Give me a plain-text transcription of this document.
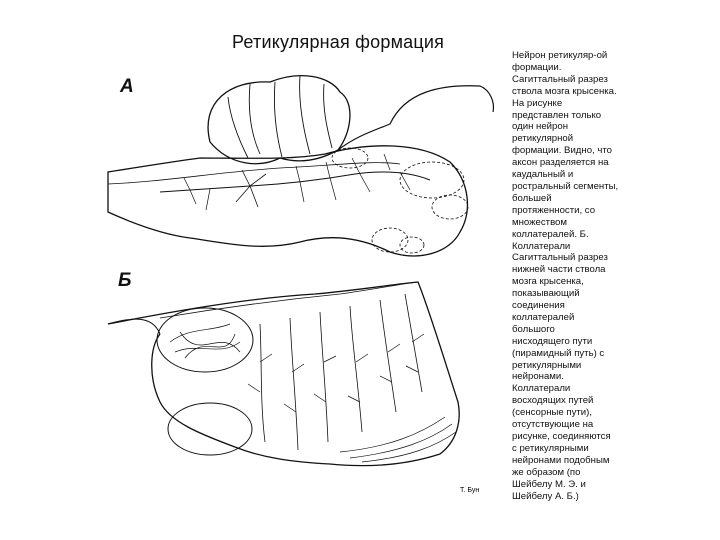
Ретикулярная формация
А
Б
Т. Бун
Нейрон ретикуляр-ой
формации.
Сагиттальный разрез
ствола мозга крысенка.
На рисунке
представлен только
один нейрон
ретикулярной
формации. Видно, что
аксон разделяется на
каудальный и
ростральный сегменты,
большей
протяженности, со
множеством
коллатералей. Б.
Коллатерали
Сагиттальный разрез
нижней части ствола
мозга крысенка,
показывающий
соединения
коллатералей
большого
нисходящего пути
(пирамидный путь) с
ретикулярными
нейронами.
Коллатерали
восходящих путей
(сенсорные пути),
отсутствующие на
рисунке, соединяются
с ретикулярными
нейронами подобным
же образом (по
Шейбелу М. Э. и
Шейбелу А. Б.)
